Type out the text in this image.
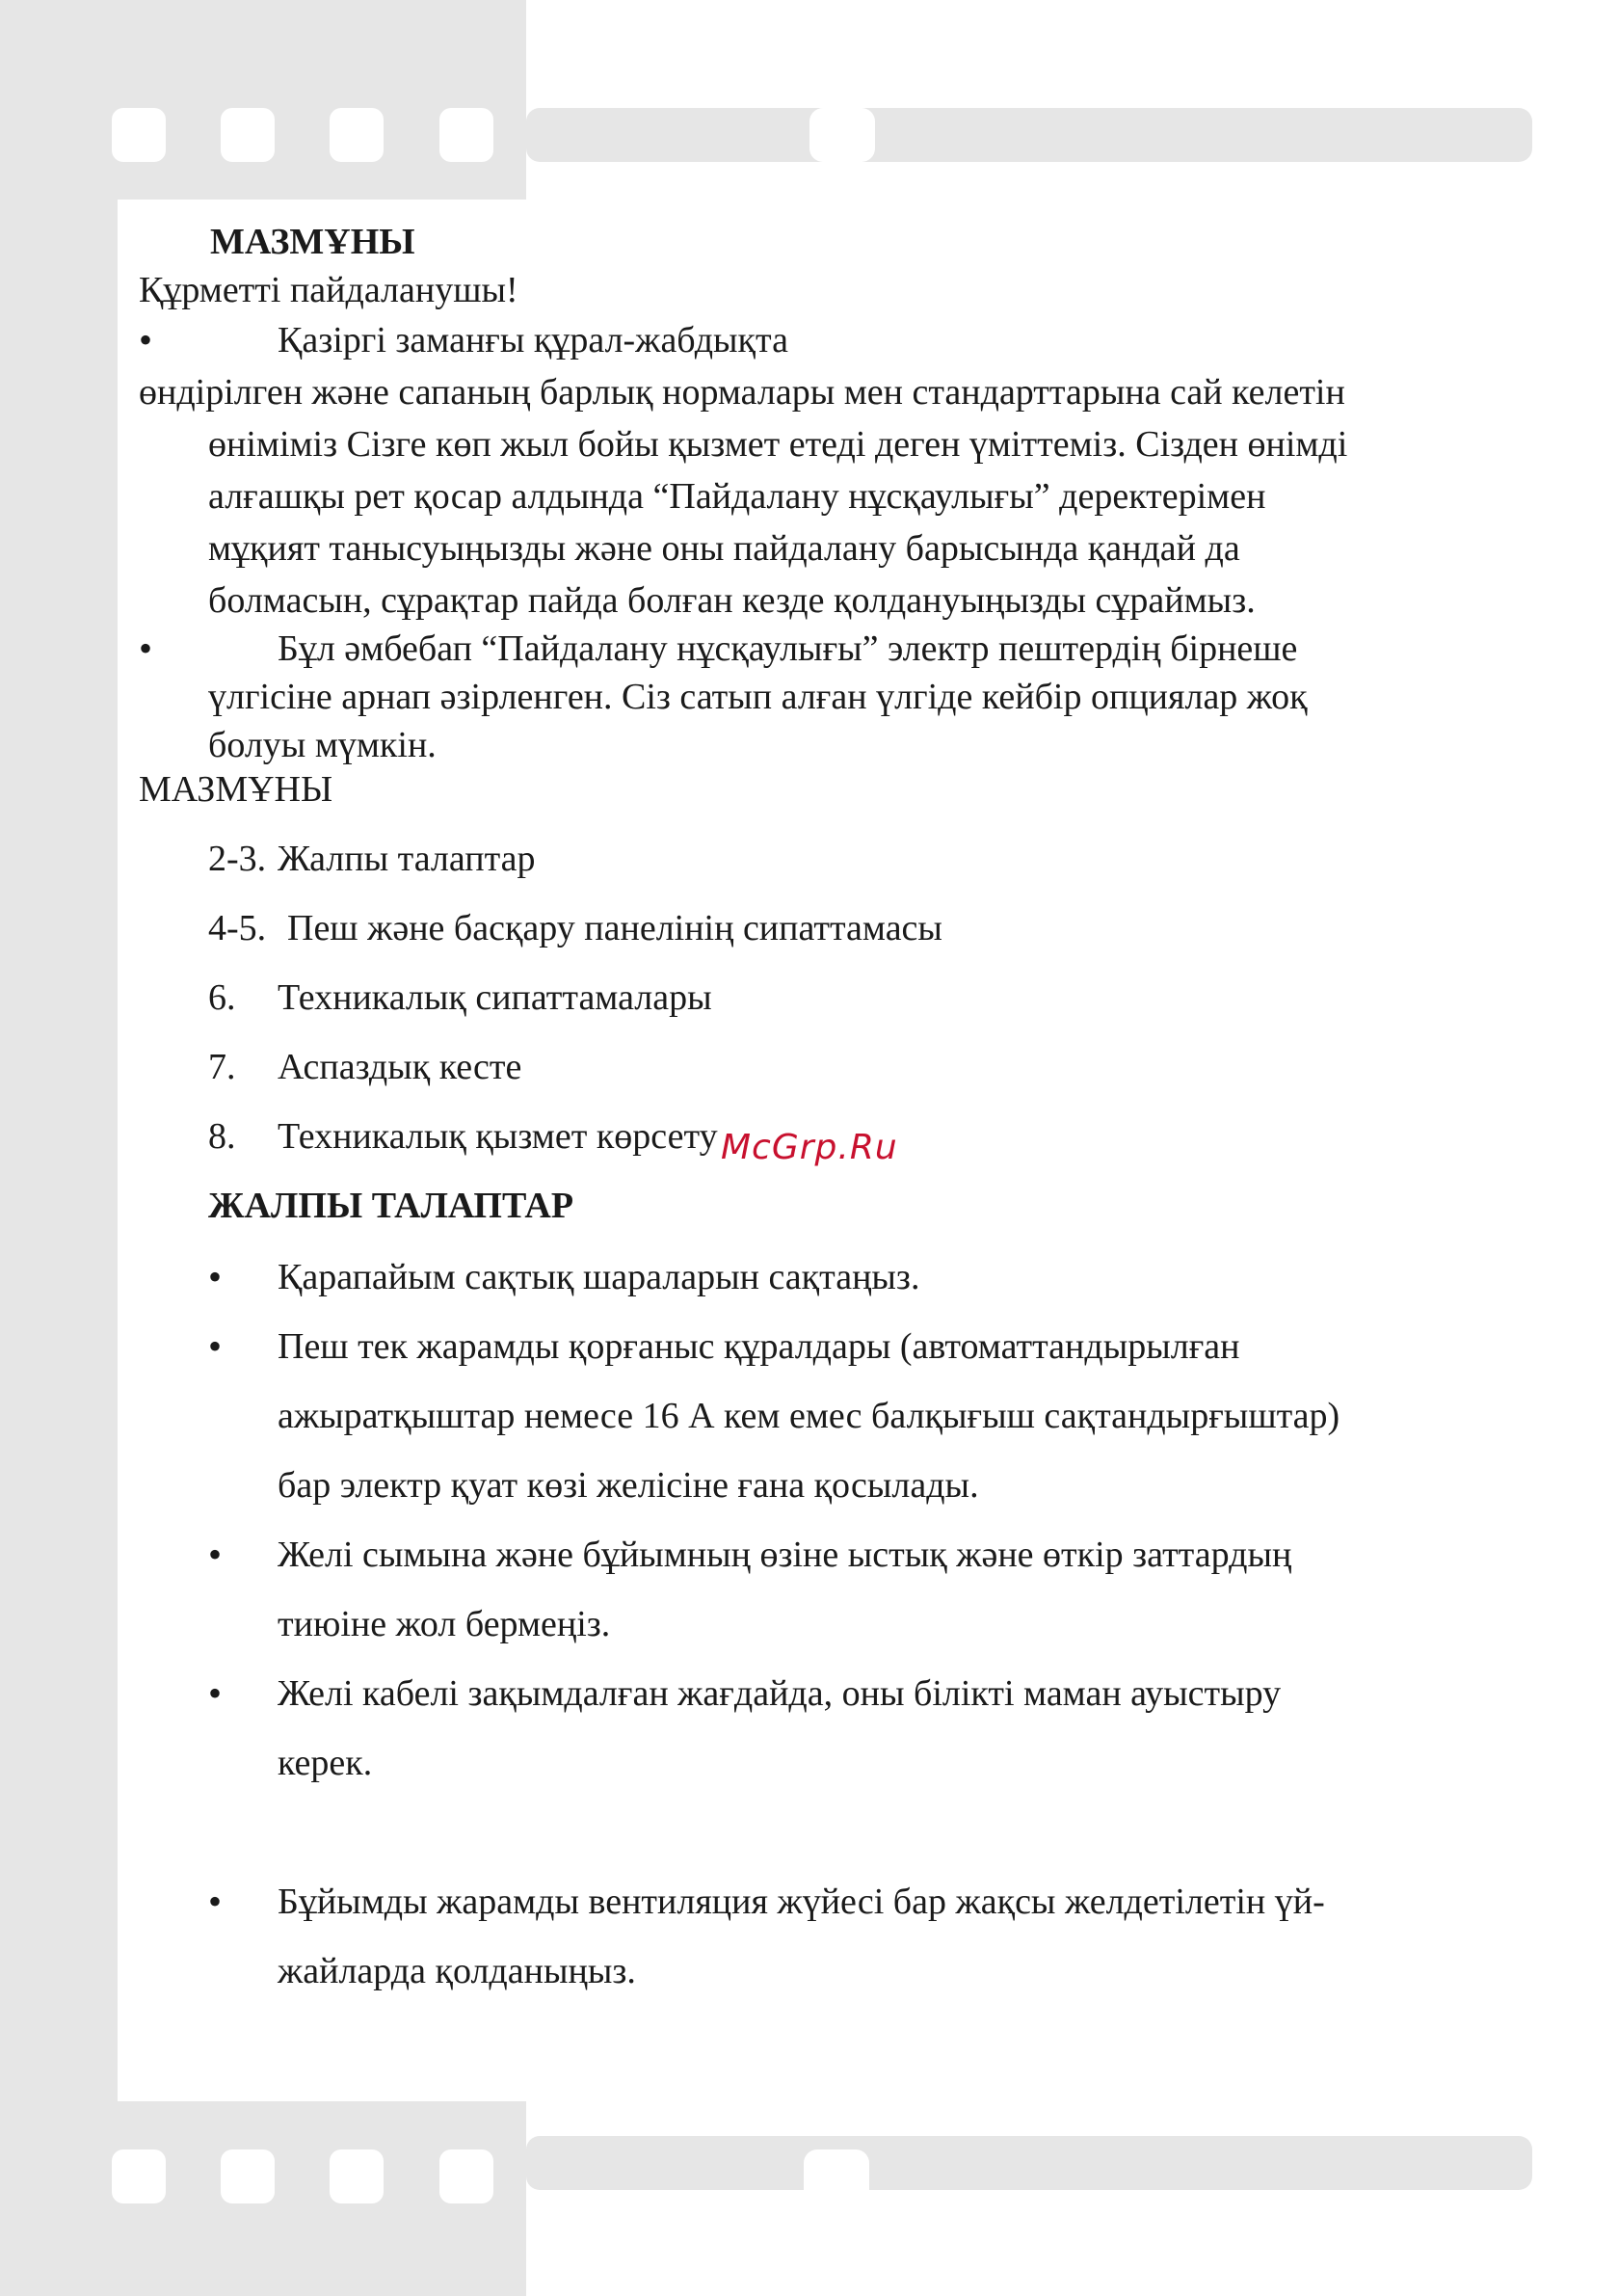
МАЗМҰНЫ
Құрметті пайдаланушы!
•	Қазіргі заманғы құрал-жабдықта
өндірілген және сапаның барлық нормалары мен стандарттарына сай келетін
өніміміз Сізге көп жыл бойы қызмет етеді деген үміттеміз. Сізден өнімді
алғашқы рет қосар алдында “Пайдалану нұсқаулығы” деректерімен
мұқият танысуыңызды және оны пайдалану барысында қандай да
болмасын, сұрақтар пайда болған кезде қолдануыңызды сұраймыз.
•	Бұл әмбебап “Пайдалану нұсқаулығы” электр пештердің бірнеше
үлгісіне арнап әзірленген. Сіз сатып алған үлгіде кейбір опциялар жоқ
болуы мүмкін.
МАЗМҰНЫ
2-3. Жалпы талаптар
4-5. Пеш және басқару панелінің сипаттамасы
6. Техникалық сипаттамалары
7. Аспаздық кесте
8. Техникалық қызмет көрсету McGrp.Ru
ЖАЛПЫ ТАЛАПТАР
• Қарапайым сақтық шараларын сақтаңыз.
• Пеш тек жарамды қорғаныс құралдары (автоматтандырылған
ажыратқыштар немесе 16 А кем емес балқығыш сақтандырғыштар)
бар электр қуат көзі желісіне ғана қосылады.
• Желі сымына және бұйымның өзіне ыстық және өткір заттардың
тиюіне жол бермеңіз.
• Желі кабелі зақымдалған жағдайда, оны білікті маман ауыстыру
керек.
• Бұйымды жарамды вентиляция жүйесі бар жақсы желдетілетін үй-
жайларда қолданыңыз.
